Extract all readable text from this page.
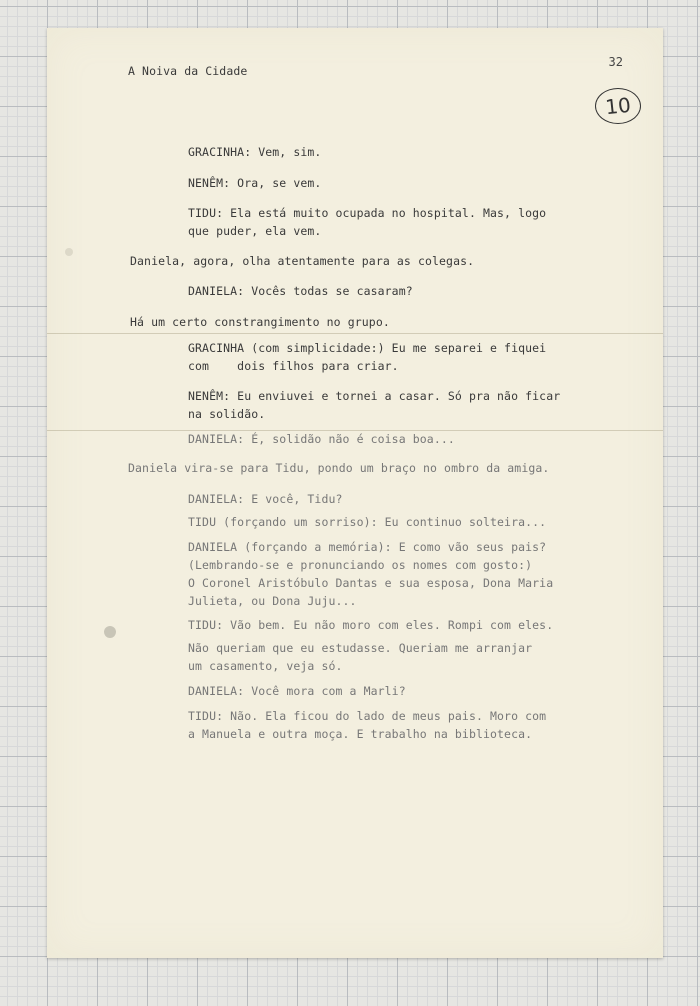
A Noiva da Cidade
32
10
GRACINHA: Vem, sim.
NENÊM: Ora, se vem.
TIDU: Ela está muito ocupada no hospital. Mas, logo
que puder, ela vem.
Daniela, agora, olha atentamente para as colegas.
DANIELA: Vocês todas se casaram?
Há um certo constrangimento no grupo.
GRACINHA (com simplicidade:) Eu me separei e fiquei
com    dois filhos para criar.
NENÊM: Eu enviuvei e tornei a casar. Só pra não ficar
na solidão.
DANIELA: É, solidão não é coisa boa...
Daniela vira-se para Tidu, pondo um braço no ombro da amiga.
DANIELA: E você, Tidu?
TIDU (forçando um sorriso): Eu continuo solteira...
DANIELA (forçando a memória): E como vão seus pais?
(Lembrando-se e pronunciando os nomes com gosto:)
O Coronel Aristóbulo Dantas e sua esposa, Dona Maria
Julieta, ou Dona Juju...
TIDU: Vão bem. Eu não moro com eles. Rompi com eles.
Não queriam que eu estudasse. Queriam me arranjar
um casamento, veja só.
DANIELA: Você mora com a Marli?
TIDU: Não. Ela ficou do lado de meus pais. Moro com
a Manuela e outra moça. E trabalho na biblioteca.
